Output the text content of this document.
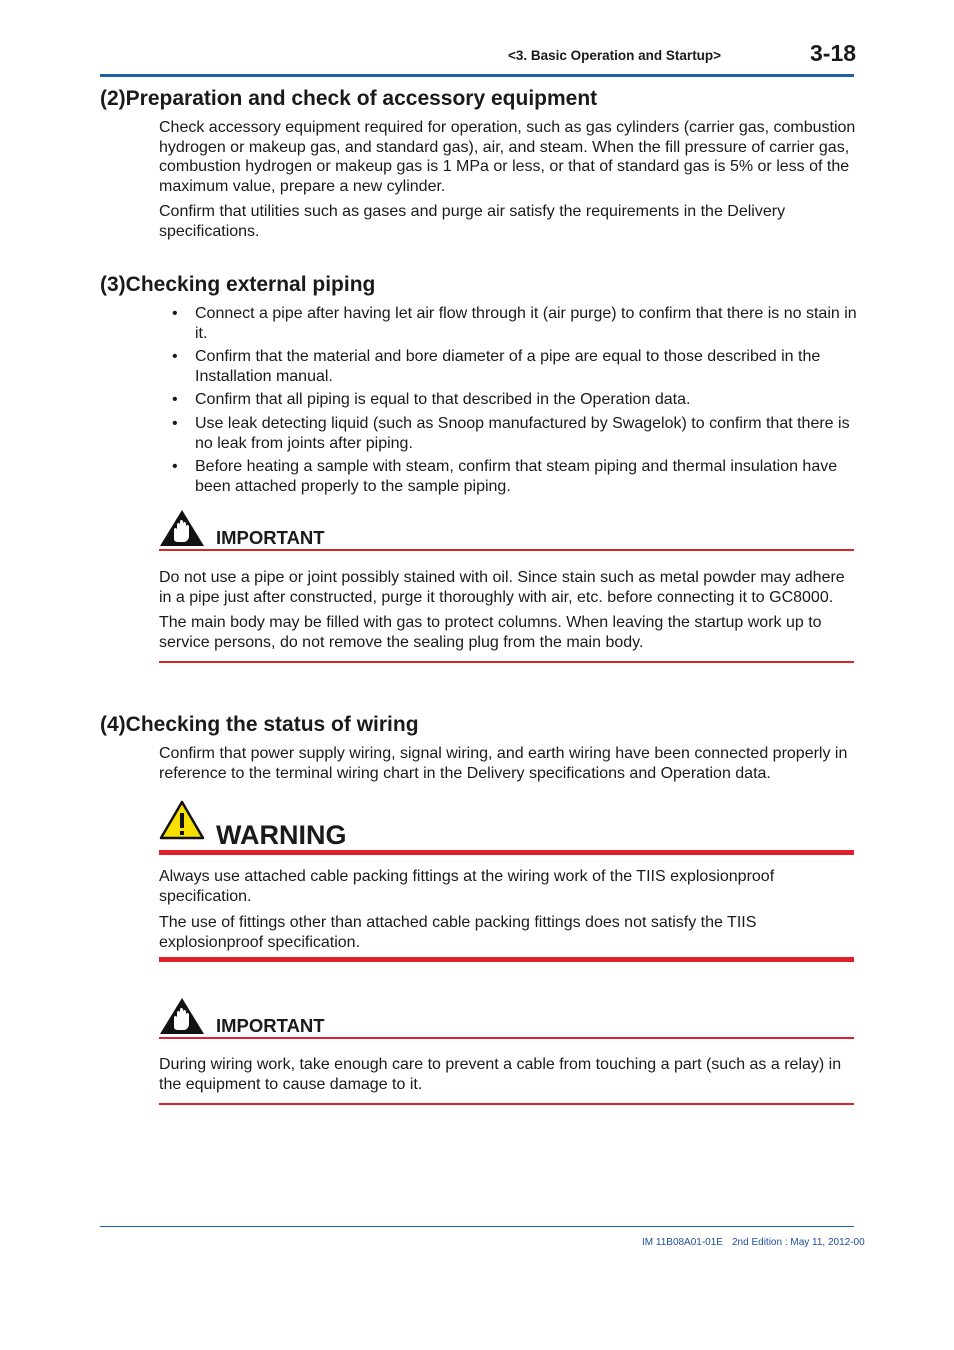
<3. Basic Operation and Startup>	3-18
(2)Preparation and check of accessory equipment

Check accessory equipment required for operation, such as gas cylinders (carrier gas, combustion hydrogen or makeup gas, and standard gas), air, and steam. When the fill pressure of carrier gas, combustion hydrogen or makeup gas is 1 MPa or less, or that of standard gas is 5% or less of the maximum value, prepare a new cylinder.

Confirm that utilities such as gases and purge air satisfy the requirements in the Delivery specifications.

(3)Checking external piping
• Connect a pipe after having let air flow through it (air purge) to confirm that there is no stain in it.
• Confirm that the material and bore diameter of a pipe are equal to those described in the Installation manual.
• Confirm that all piping is equal to that described in the Operation data.
• Use leak detecting liquid (such as Snoop manufactured by Swagelok) to confirm that there is no leak from joints after piping.
• Before heating a sample with steam, confirm that steam piping and thermal insulation have been attached properly to the sample piping.
IMPORTANT

Do not use a pipe or joint possibly stained with oil. Since stain such as metal powder may adhere in a pipe just after constructed, purge it thoroughly with air, etc. before connecting it to GC8000.

The main body may be filled with gas to protect columns. When leaving the startup work up to service persons, do not remove the sealing plug from the main body.

(4)Checking the status of wiring

Confirm that power supply wiring, signal wiring, and earth wiring have been connected properly in reference to the terminal wiring chart in the Delivery specifications and Operation data.

WARNING

Always use attached cable packing fittings at the wiring work of the TIIS explosionproof specification.

The use of fittings other than attached cable packing fittings does not satisfy the TIIS explosionproof specification.

IMPORTANT

During wiring work, take enough care to prevent a cable from touching a part (such as a relay) in the equipment to cause damage to it.

IM 11B08A01-01E 2nd Edition : May 11, 2012-00
